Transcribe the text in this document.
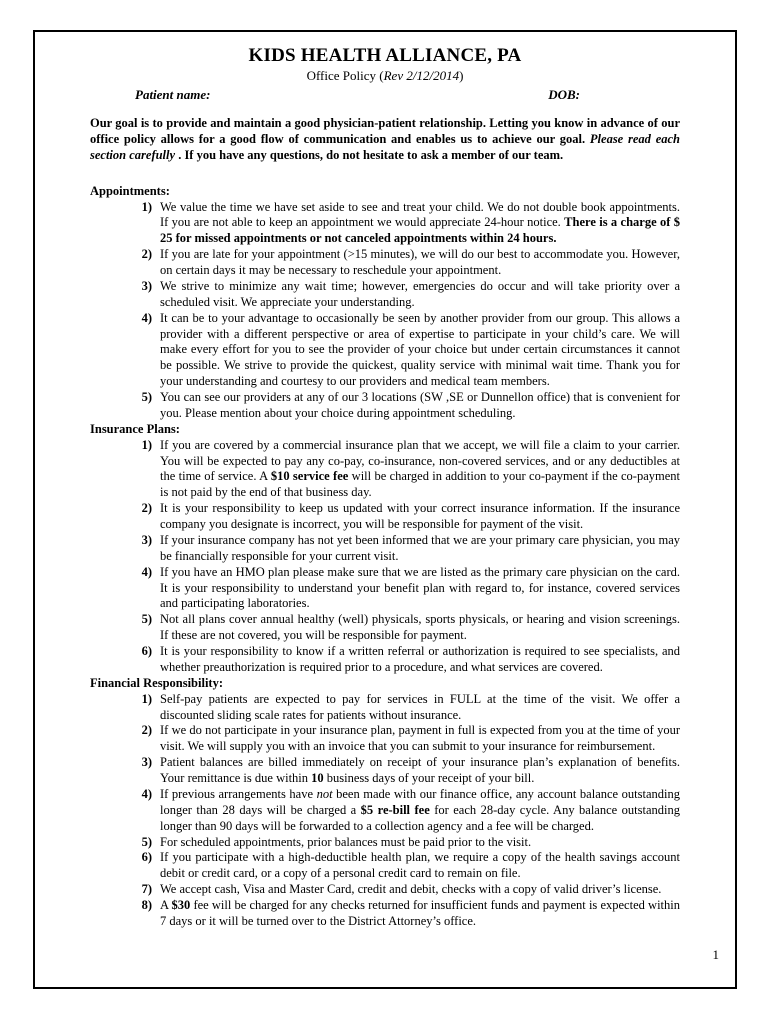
KIDS HEALTH ALLIANCE, PA
Office Policy (Rev 2/12/2014)
Patient name:	DOB:
Our goal is to provide and maintain a good physician-patient relationship. Letting you know in advance of our office policy allows for a good flow of communication and enables us to achieve our goal. Please read each section carefully . If you have any questions, do not hesitate to ask a member of our team.
Appointments:
1) We value the time we have set aside to see and treat your child. We do not double book appointments. If you are not able to keep an appointment we would appreciate 24-hour notice. There is a charge of $ 25 for missed appointments or not canceled appointments within 24 hours.
2) If you are late for your appointment (>15 minutes), we will do our best to accommodate you. However, on certain days it may be necessary to reschedule your appointment.
3) We strive to minimize any wait time; however, emergencies do occur and will take priority over a scheduled visit. We appreciate your understanding.
4) It can be to your advantage to occasionally be seen by another provider from our group. This allows a provider with a different perspective or area of expertise to participate in your child’s care. We will make every effort for you to see the provider of your choice but under certain circumstances it cannot be possible. We strive to provide the quickest, quality service with minimal wait time. Thank you for your understanding and courtesy to our providers and medical team members.
5) You can see our providers at any of our 3 locations (SW ,SE or Dunnellon office) that is convenient for you. Please mention about your choice during appointment scheduling.
Insurance Plans:
1) If you are covered by a commercial insurance plan that we accept, we will file a claim to your carrier. You will be expected to pay any co-pay, co-insurance, non-covered services, and or any deductibles at the time of service. A $10 service fee will be charged in addition to your co-payment if the co-payment is not paid by the end of that business day.
2) It is your responsibility to keep us updated with your correct insurance information. If the insurance company you designate is incorrect, you will be responsible for payment of the visit.
3) If your insurance company has not yet been informed that we are your primary care physician, you may be financially responsible for your current visit.
4) If you have an HMO plan please make sure that we are listed as the primary care physician on the card. It is your responsibility to understand your benefit plan with regard to, for instance, covered services and participating laboratories.
5) Not all plans cover annual healthy (well) physicals, sports physicals, or hearing and vision screenings. If these are not covered, you will be responsible for payment.
6) It is your responsibility to know if a written referral or authorization is required to see specialists, and whether preauthorization is required prior to a procedure, and what services are covered.
Financial Responsibility:
1) Self-pay patients are expected to pay for services in FULL at the time of the visit. We offer a discounted sliding scale rates for patients without insurance.
2) If we do not participate in your insurance plan, payment in full is expected from you at the time of your visit. We will supply you with an invoice that you can submit to your insurance for reimbursement.
3) Patient balances are billed immediately on receipt of your insurance plan’s explanation of benefits. Your remittance is due within 10 business days of your receipt of your bill.
4) If previous arrangements have not been made with our finance office, any account balance outstanding longer than 28 days will be charged a $5 re-bill fee for each 28-day cycle. Any balance outstanding longer than 90 days will be forwarded to a collection agency and a fee will be charged.
5) For scheduled appointments, prior balances must be paid prior to the visit.
6) If you participate with a high-deductible health plan, we require a copy of the health savings account debit or credit card, or a copy of a personal credit card to remain on file.
7) We accept cash, Visa and Master Card, credit and debit, checks with a copy of valid driver’s license.
8) A $30 fee will be charged for any checks returned for insufficient funds and payment is expected within 7 days or it will be turned over to the District Attorney’s office.
1
